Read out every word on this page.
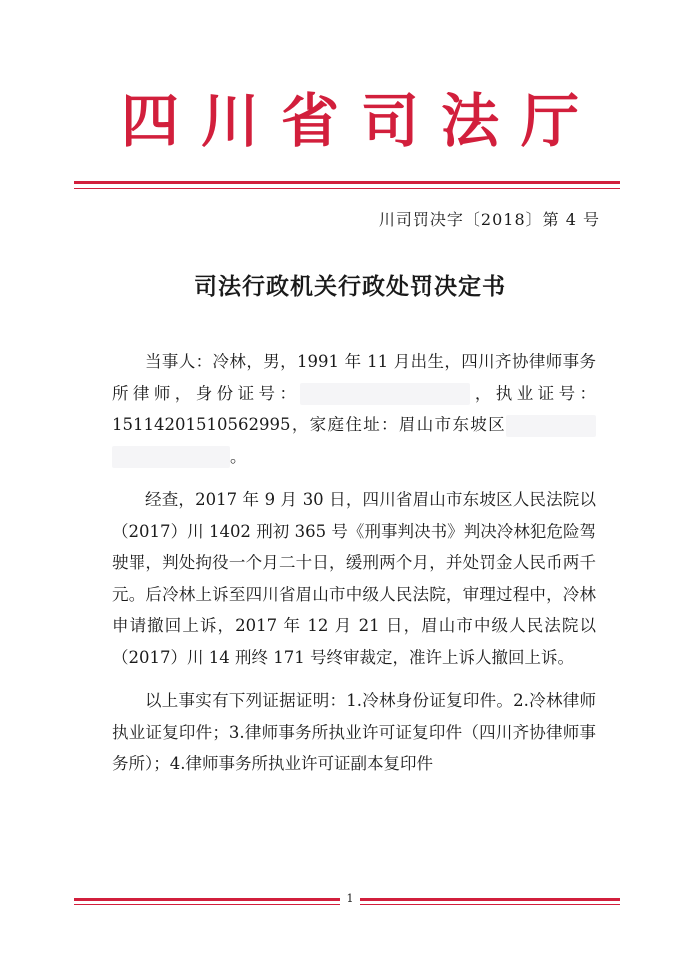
四川省司法厅
川司罚决字〔2018〕第 4 号
司法行政机关行政处罚决定书

当事人：冷林，男，1991 年 11 月出生，四川齐协律师事务所律师，身份证号：	，执业证号：15114201510562995，家庭住址：眉山市东坡区。

经查，2017 年 9 月 30 日，四川省眉山市东坡区人民法院以（2017）川 1402 刑初 365 号《刑事判决书》判决冷林犯危险驾驶罪，判处拘役一个月二十日，缓刑两个月，并处罚金人民币两千元。后冷林上诉至四川省眉山市中级人民法院，审理过程中，冷林申请撤回上诉，2017 年 12 月 21 日，眉山市中级人民法院以（2017）川 14 刑终 171 号终审裁定，准许上诉人撤回上诉。

以上事实有下列证据证明：1.冷林身份证复印件。2.冷林律师执业证复印件；3.律师事务所执业许可证复印件（四川齐协律师事务所）；4.律师事务所执业许可证副本复印件

1
